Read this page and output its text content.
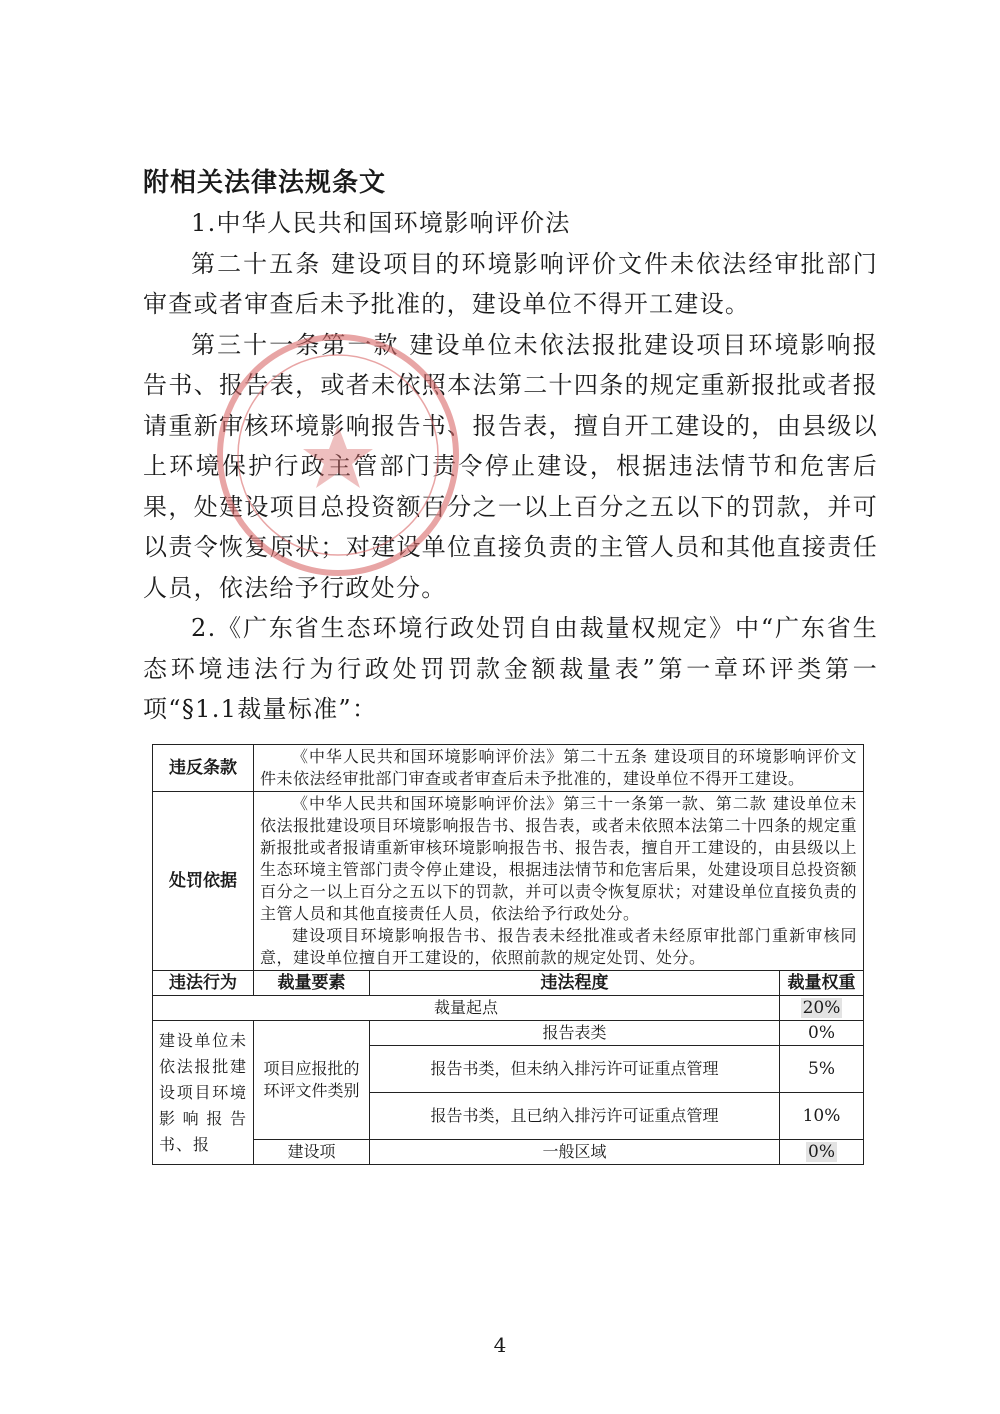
附相关法律法规条文

1.中华人民共和国环境影响评价法

第二十五条 建设项目的环境影响评价文件未依法经审批部门审查或者审查后未予批准的，建设单位不得开工建设。

第三十一条第一款 建设单位未依法报批建设项目环境影响报告书、报告表，或者未依照本法第二十四条的规定重新报批或者报请重新审核环境影响报告书、报告表，擅自开工建设的，由县级以上环境保护行政主管部门责令停止建设，根据违法情节和危害后果，处建设项目总投资额百分之一以上百分之五以下的罚款，并可以责令恢复原状；对建设单位直接负责的主管人员和其他直接责任人员，依法给予行政处分。

2.《广东省生态环境行政处罚自由裁量权规定》中“广东省生态环境违法行为行政处罚罚款金额裁量表”第一章环评类第一项“§1.1裁量标准”：

违反条款	《中华人民共和国环境影响评价法》第二十五条 建设项目的环境影响评价文件未依法经审批部门审查或者审查后未予批准的，建设单位不得开工建设。		

处罚依据	《中华人民共和国环境影响评价法》第三十一条第一款、第二款 建设单位未依法报批建设项目环境影响报告书、报告表，或者未依照本法第二十四条的规定重新报批或者报请重新审核环境影响报告书、报告表，擅自开工建设的，由县级以上生态环境主管部门责令停止建设，根据违法情节和危害后果，处建设项目总投资额百分之一以上百分之五以下的罚款，并可以责令恢复原状；对建设单位直接负责的主管人员和其他直接责任人员，依法给予行政处分。

建设项目环境影响报告书、报告表未经批准或者未经原审批部门重新审核同意，建设单位擅自开工建设的，依照前款的规定处罚、处分。		

违法行为	裁量要素	违法程度	裁量权重
裁量起点			20%
建设单位未依法报批建设项目环境影响报告书、报	项目应报批的环评文件类别	报告表类	0%
		报告书类，但未纳入排污许可证重点管理	5%
		报告书类，且已纳入排污许可证重点管理	10%
	建设项	一般区域	0%
4
